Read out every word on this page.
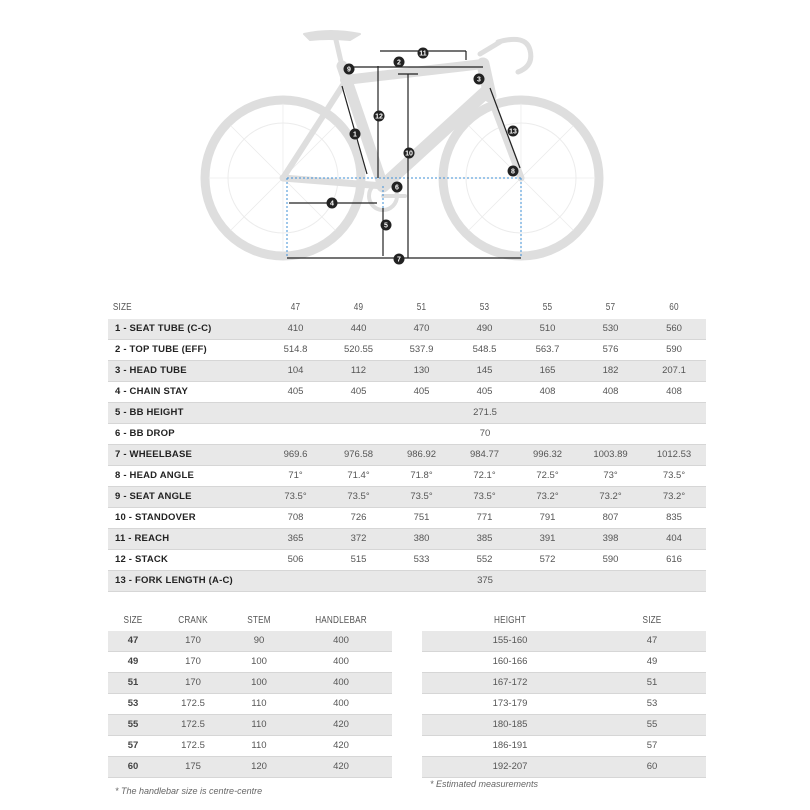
1
2
3
4
5
6
7
8
9
10
11
12
13
SIZE	47	49	51	53	55	57	60
1 - SEAT TUBE (C-C)	410	440	470	490	510	530	560
2 - TOP TUBE (EFF)	514.8	520.55	537.9	548.5	563.7	576	590
3 - HEAD TUBE	104	112	130	145	165	182	207.1
4 - CHAIN STAY	405	405	405	405	408	408	408
5 - BB HEIGHT	271.5						
6 - BB DROP	70						
7 - WHEELBASE	969.6	976.58	986.92	984.77	996.32	1003.89	1012.53
8 - HEAD ANGLE	71°	71.4°	71.8°	72.1°	72.5°	73°	73.5°
9 - SEAT ANGLE	73.5°	73.5°	73.5°	73.5°	73.2°	73.2°	73.2°
10 - STANDOVER	708	726	751	771	791	807	835
11 - REACH	365	372	380	385	391	398	404
12 - STACK	506	515	533	552	572	590	616
13 - FORK LENGTH (A-C)	375						
SIZE	CRANK	STEM	HANDLEBAR
47	170	90	400
49	170	100	400
51	170	100	400
53	172.5	110	400
55	172.5	110	420
57	172.5	110	420
60	175	120	420
HEIGHT	SIZE
155-160	47
160-166	49
167-172	51
173-179	53
180-185	55
186-191	57
192-207	60
* The handlebar size is centre-centre
* Estimated measurements
